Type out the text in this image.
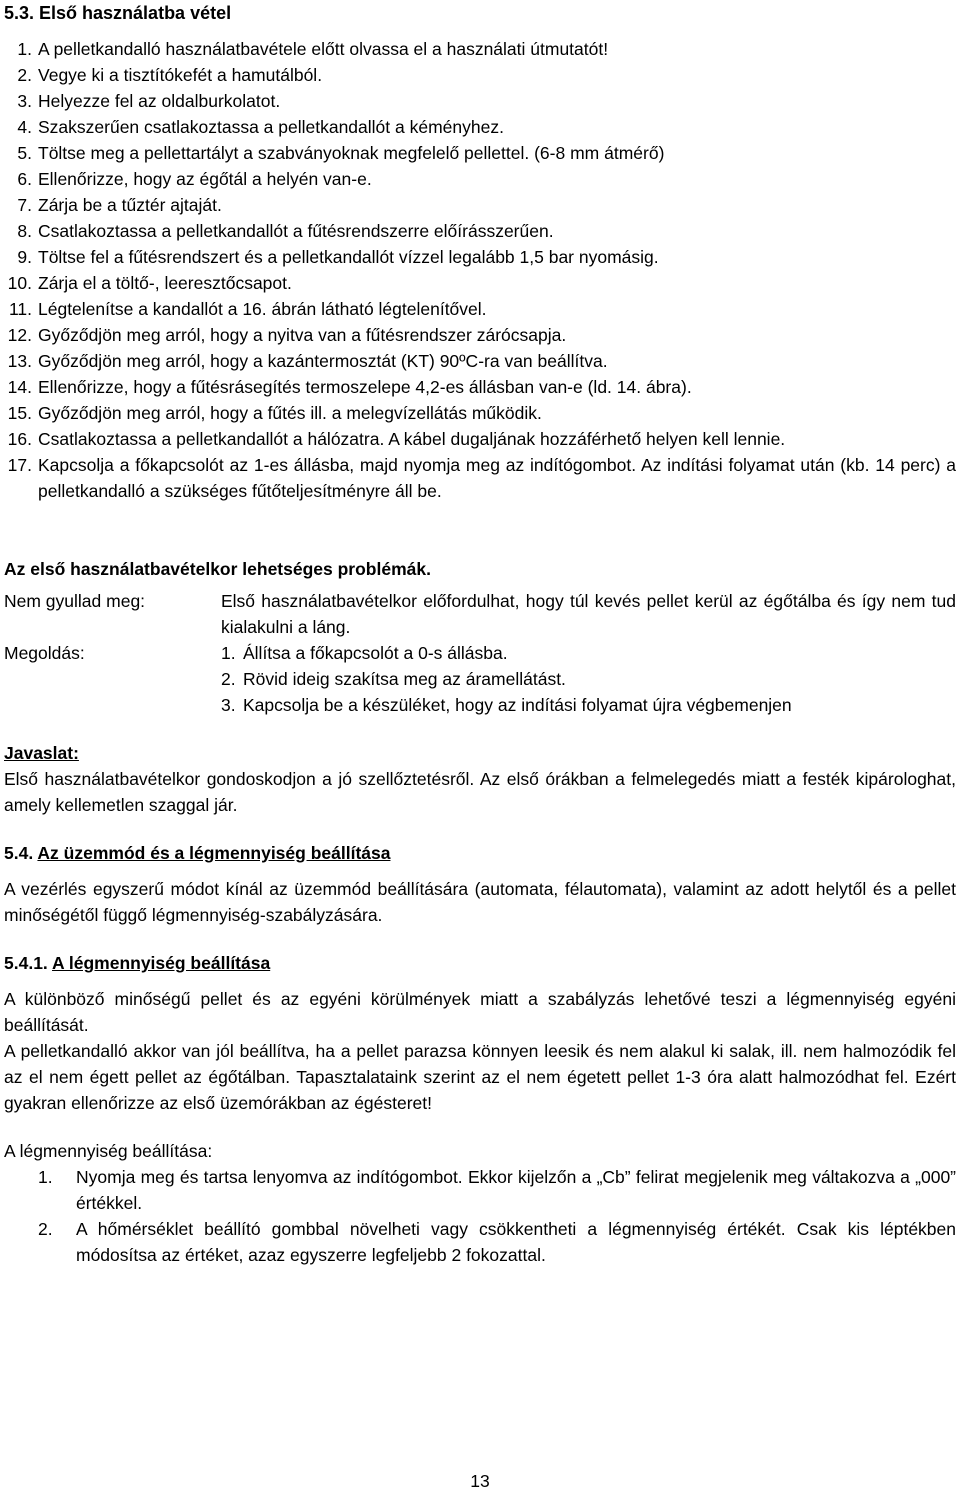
5.3. Első használatba vétel
1. A pelletkandalló használatbavétele előtt olvassa el a használati útmutatót!
2. Vegye ki a tisztítókefét a hamutálból.
3. Helyezze fel az oldalburkolatot.
4. Szakszerűen csatlakoztassa a pelletkandallót a kéményhez.
5. Töltse meg a pellettartályt a szabványoknak megfelelő pellettel. (6-8 mm átmérő)
6. Ellenőrizze, hogy az égőtál a helyén van-e.
7. Zárja be a tűztér ajtaját.
8. Csatlakoztassa a pelletkandallót a fűtésrendszerre előírásszerűen.
9. Töltse fel a fűtésrendszert és a pelletkandallót vízzel legalább 1,5 bar nyomásig.
10. Zárja el a töltő-, leeresztőcsapot.
11. Légtelenítse a kandallót a 16. ábrán látható légtelenítővel.
12. Győződjön meg arról, hogy a nyitva van a fűtésrendszer zárócsapja.
13. Győződjön meg arról, hogy a kazántermosztát (KT) 90ºC-ra van beállítva.
14. Ellenőrizze, hogy a fűtésrásegítés termoszelepe 4,2-es állásban van-e (ld. 14. ábra).
15. Győződjön meg arról, hogy a fűtés ill. a melegvízellátás működik.
16. Csatlakoztassa a pelletkandallót a hálózatra. A kábel dugaljának hozzáférhető helyen kell lennie.
17. Kapcsolja a főkapcsolót az 1-es állásba, majd nyomja meg az indítógombot. Az indítási folyamat után (kb. 14 perc) a pelletkandalló a szükséges fűtőteljesítményre áll be.
Az első használatbavételkor lehetséges problémák.
Nem gyullad meg:	Első használatbavételkor előfordulhat, hogy túl kevés pellet kerül az égőtálba és így nem tud kialakulni a láng.
Megoldás:	1. Állítsa a főkapcsolót a 0-s állásba.
2. Rövid ideig szakítsa meg az áramellátást.
3. Kapcsolja be a készüléket, hogy az indítási folyamat újra végbemenjen
Javaslat:

Első használatbavételkor gondoskodjon a jó szellőztetésről. Az első órákban a felmelegedés miatt a festék kipárologhat, amely kellemetlen szaggal jár.

5.4. Az üzemmód és a légmennyiség beállítása

A vezérlés egyszerű módot kínál az üzemmód beállítására (automata, félautomata), valamint az adott helytől és a pellet minőségétől függő légmennyiség-szabályzására.

5.4.1. A légmennyiség beállítása

A különböző minőségű pellet és az egyéni körülmények miatt a szabályzás lehetővé teszi a légmennyiség egyéni beállítását.

A pelletkandalló akkor van jól beállítva, ha a pellet parazsa könnyen leesik és nem alakul ki salak, ill. nem halmozódik fel az el nem égett pellet az égőtálban. Tapasztalataink szerint az el nem égetett pellet 1-3 óra alatt halmozódhat fel. Ezért gyakran ellenőrizze az első üzemórákban az égésteret!

A légmennyiség beállítása:
1.	Nyomja meg és tartsa lenyomva az indítógombot. Ekkor kijelzőn a „Cb” felirat megjelenik meg váltakozva a „000” értékkel.
2.	A hőmérséklet beállító gombbal növelheti vagy csökkentheti a légmennyiség értékét. Csak kis léptékben módosítsa az értéket, azaz egyszerre legfeljebb 2 fokozattal.
13
